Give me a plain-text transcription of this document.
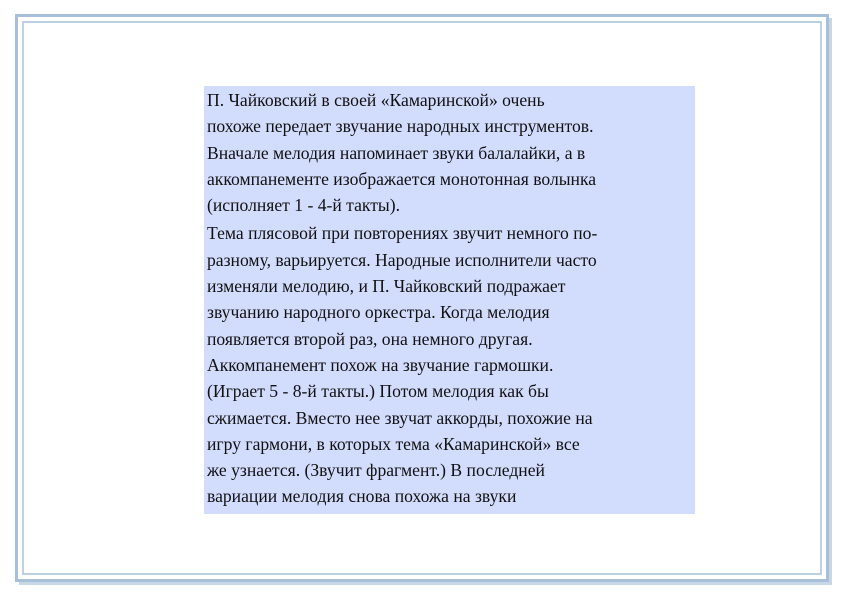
П. Чайковский в своей «Камаринской» очень
похоже передает звучание народных инструментов.
Вначале мелодия напоминает звуки балалайки, а в
аккомпанементе изображается монотонная волынка
(исполняет 1 - 4-й такты).
Тема плясовой при повторениях звучит немного по-
разному, варьируется. Народные исполнители часто
изменяли мелодию, и П. Чайковский подражает
звучанию народного оркестра. Когда мелодия
появляется второй раз, она немного другая.
Аккомпанемент похож на звучание гармошки.
(Играет 5 - 8-й такты.) Потом мелодия как бы
сжимается. Вместо нее звучат аккорды, похожие на
игру гармони, в которых тема «Камаринской» все
же узнается. (Звучит фрагмент.) В последней
вариации мелодия снова похожа на звуки
